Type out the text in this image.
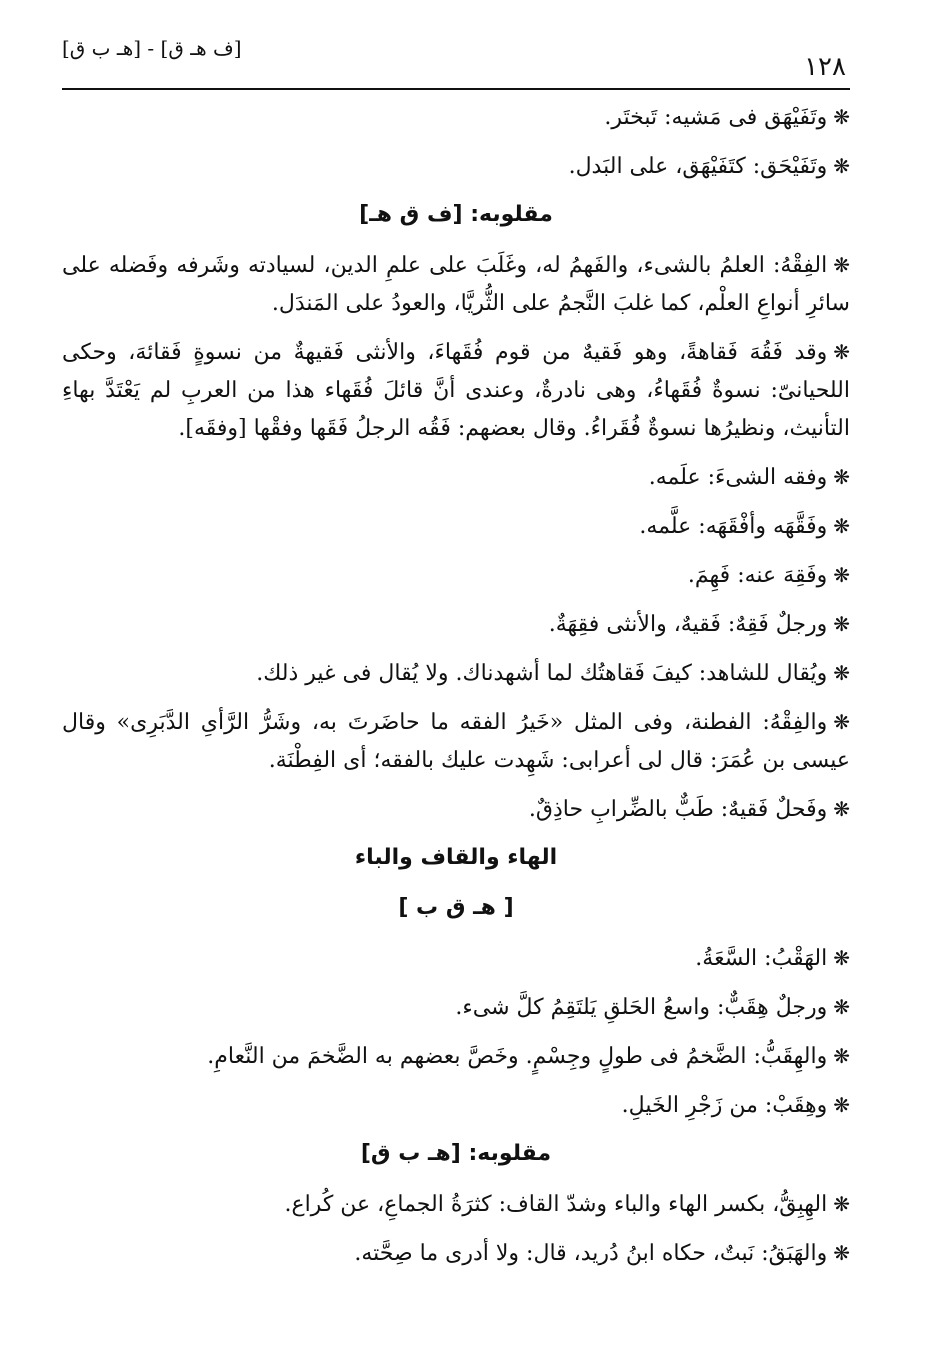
[ف هـ ق] - [هـ ب ق]
١٢٨

❋وتَفَيْهَق فى مَشيه: تَبختَر.

❋وتَفَيْحَق: كتَفَيْهَق، على البَدل.

مقلوبه: [ف ق هـ]

❋الفِقْهُ: العلمُ بالشىء، والفَهمُ له، وغَلَبَ على علمِ الدين، لسيادته وشَرفه وفَضله على سائرِ أنواعِ العلْم، كما غلبَ النَّجمُ على الثُّريَّا، والعودُ على المَندَل.

❋وقد فَقُهَ فَقاهةً، وهو فَقيهٌ من قوم فُقَهاءَ، والأنثى فَقيهةٌ من نسوةٍ فَقائهَ، وحكى اللحيانىّ: نسوةٌ فُقَهاءُ، وهى نادرةٌ، وعندى أنَّ قائلَ فُقَهاء هذا من العربِ لم يَعْتَدَّ بهاءِ التأنيث، ونظيرُها نسوةٌ فُقَراءُ. وقال بعضهم: فَقُه الرجلُ فَقَها وفقْها [وفقَه].

❋وفقه الشىءَ: علَمه.

❋وفَقَّهَه وأفْقَهَه: علَّمه.

❋وفَقِهَ عنه: فَهِمَ.

❋ورجلٌ فَقِهٌ: فَقيهٌ، والأنثى فقِهَةٌ.

❋ويُقال للشاهد: كيفَ فَقاهتُك لما أشهدناك. ولا يُقال فى غير ذلك.

❋والفِقْهُ: الفطنة، وفى المثل «خَيرُ الفقه ما حاضَرتَ به، وشَرُّ الرَّأىِ الدَّبَرِى» وقال عيسى بن عُمَرَ: قال لى أعرابى: شَهِدت عليك بالفقه؛ أى الفِطْنَة.

❋وفَحلٌ فَقيهٌ: طَبٌّ بالضِّرابِ حاذِقٌ.

الهاء والقاف والباء
[ هـ ق ب ]

❋الهَقْبُ: السَّعَةُ.

❋ورجلٌ هِقَبٌّ: واسعُ الحَلقِ يَلتَقِمُ كلَّ شىء.

❋والهِقَبُّ: الضَّخمُ فى طولٍ وجِسْمٍ. وخَصَّ بعضهم به الضَّخمَ من النَّعامِ.

❋وهِقَبْ: من زَجْرِ الخَيلِ.

مقلوبه: [هـ ب ق]

❋الهِبِقُّ، بكسر الهاء والباء وشدّ القاف: كثرَةُ الجماعِ، عن كُراع.

❋والهَبَقُ: نَبتٌ، حكاه ابنُ دُريد، قال: ولا أدرى ما صِحَّته.
